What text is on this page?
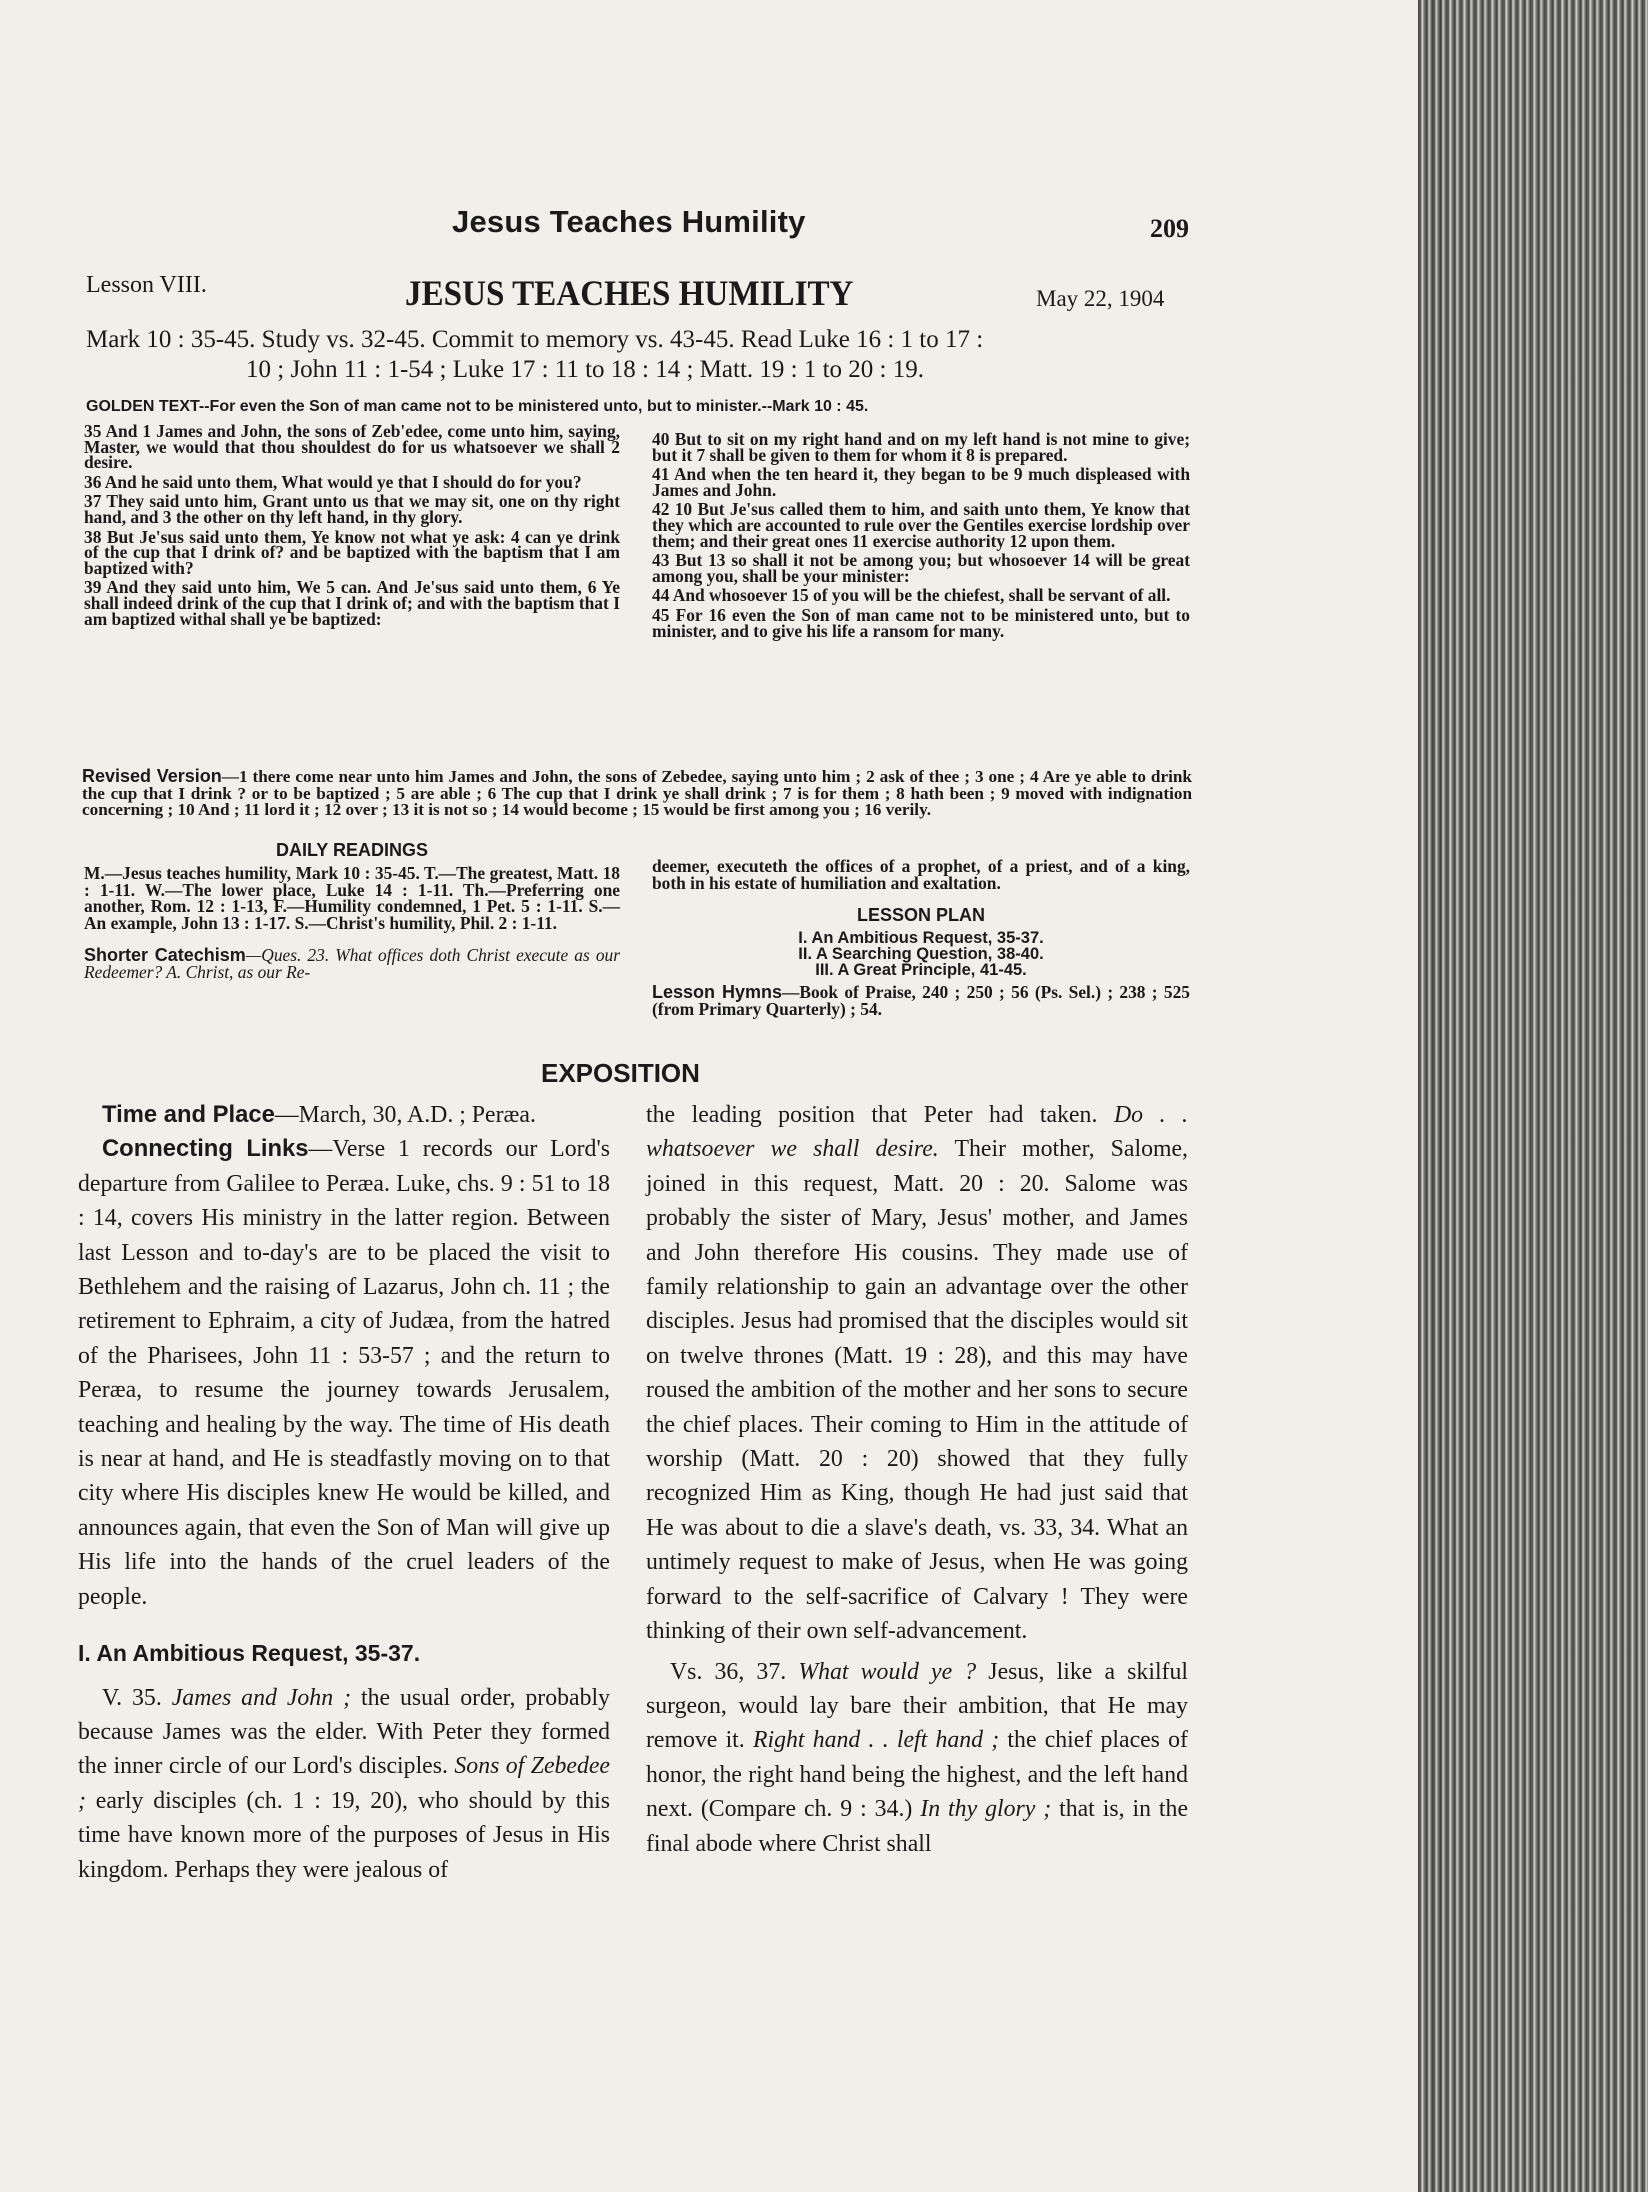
Jesus Teaches Humility	209
Lesson VIII.	JESUS TEACHES HUMILITY	May 22, 1904
Mark 10 : 35-45. Study vs. 32-45. Commit to memory vs. 43-45. Read Luke 16 : 1 to 17 :
10 ; John 11 : 1-54 ; Luke 17 : 11 to 18 : 14 ; Matt. 19 : 1 to 20 : 19.
GOLDEN TEXT--For even the Son of man came not to be ministered unto, but to minister.--Mark 10 : 45.

35 And 1 James and John, the sons of Zeb'edee, come unto him, saying, Master, we would that thou shouldest do for us whatsoever we shall 2 desire.

36 And he said unto them, What would ye that I should do for you?

37 They said unto him, Grant unto us that we may sit, one on thy right hand, and 3 the other on thy left hand, in thy glory.

38 But Je'sus said unto them, Ye know not what ye ask: 4 can ye drink of the cup that I drink of? and be baptized with the baptism that I am baptized with?

39 And they said unto him, We 5 can. And Je'sus said unto them, 6 Ye shall indeed drink of the cup that I drink of; and with the baptism that I am baptized withal shall ye be baptized:

40 But to sit on my right hand and on my left hand is not mine to give; but it 7 shall be given to them for whom it 8 is prepared.

41 And when the ten heard it, they began to be 9 much displeased with James and John.

42 10 But Je'sus called them to him, and saith unto them, Ye know that they which are accounted to rule over the Gentiles exercise lordship over them; and their great ones 11 exercise authority 12 upon them.

43 But 13 so shall it not be among you; but whosoever 14 will be great among you, shall be your minister:

44 And whosoever 15 of you will be the chiefest, shall be servant of all.

45 For 16 even the Son of man came not to be ministered unto, but to minister, and to give his life a ransom for many.

Revised Version—1 there come near unto him James and John, the sons of Zebedee, saying unto him ; 2 ask of thee ; 3 one ; 4 Are ye able to drink the cup that I drink ? or to be baptized ; 5 are able ; 6 The cup that I drink ye shall drink ; 7 is for them ; 8 hath been ; 9 moved with indignation concerning ; 10 And ; 11 lord it ; 12 over ; 13 it is not so ; 14 would become ; 15 would be first among you ; 16 verily.
DAILY READINGS
M.—Jesus teaches humility, Mark 10 : 35-45. T.—The greatest, Matt. 18 : 1-11. W.—The lower place, Luke 14 : 1-11. Th.—Preferring one another, Rom. 12 : 1-13, F.—Humility condemned, 1 Pet. 5 : 1-11. S.—An example, John 13 : 1-17. S.—Christ's humility, Phil. 2 : 1-11.
Shorter Catechism—Ques. 23. What offices doth Christ execute as our Redeemer? A. Christ, as our Re-
deemer, executeth the offices of a prophet, of a priest, and of a king, both in his estate of humiliation and exaltation.
LESSON PLAN
I. An Ambitious Request, 35-37.
II. A Searching Question, 38-40.
III. A Great Principle, 41-45.
Lesson Hymns—Book of Praise, 240 ; 250 ; 56 (Ps. Sel.) ; 238 ; 525 (from Primary Quarterly) ; 54.
EXPOSITION

Time and Place—March, 30, A.D. ; Peræa.

Connecting Links—Verse 1 records our Lord's departure from Galilee to Peræa. Luke, chs. 9 : 51 to 18 : 14, covers His ministry in the latter region. Between last Lesson and to-day's are to be placed the visit to Bethlehem and the raising of Lazarus, John ch. 11 ; the retirement to Ephraim, a city of Judæa, from the hatred of the Pharisees, John 11 : 53-57 ; and the return to Peræa, to resume the journey towards Jerusalem, teaching and healing by the way. The time of His death is near at hand, and He is steadfastly moving on to that city where His disciples knew He would be killed, and announces again, that even the Son of Man will give up His life into the hands of the cruel leaders of the people.

I. An Ambitious Request, 35-37.

V. 35. James and John ; the usual order, probably because James was the elder. With Peter they formed the inner circle of our Lord's disciples. Sons of Zebedee ; early disciples (ch. 1 : 19, 20), who should by this time have known more of the purposes of Jesus in His kingdom. Perhaps they were jealous of

the leading position that Peter had taken. Do . . whatsoever we shall desire. Their mother, Salome, joined in this request, Matt. 20 : 20. Salome was probably the sister of Mary, Jesus' mother, and James and John therefore His cousins. They made use of family relationship to gain an advantage over the other disciples. Jesus had promised that the disciples would sit on twelve thrones (Matt. 19 : 28), and this may have roused the ambition of the mother and her sons to secure the chief places. Their coming to Him in the attitude of worship (Matt. 20 : 20) showed that they fully recognized Him as King, though He had just said that He was about to die a slave's death, vs. 33, 34. What an untimely request to make of Jesus, when He was going forward to the self-sacrifice of Calvary ! They were thinking of their own self-advancement.

Vs. 36, 37. What would ye ? Jesus, like a skilful surgeon, would lay bare their ambition, that He may remove it. Right hand . . left hand ; the chief places of honor, the right hand being the highest, and the left hand next. (Compare ch. 9 : 34.) In thy glory ; that is, in the final abode where Christ shall
